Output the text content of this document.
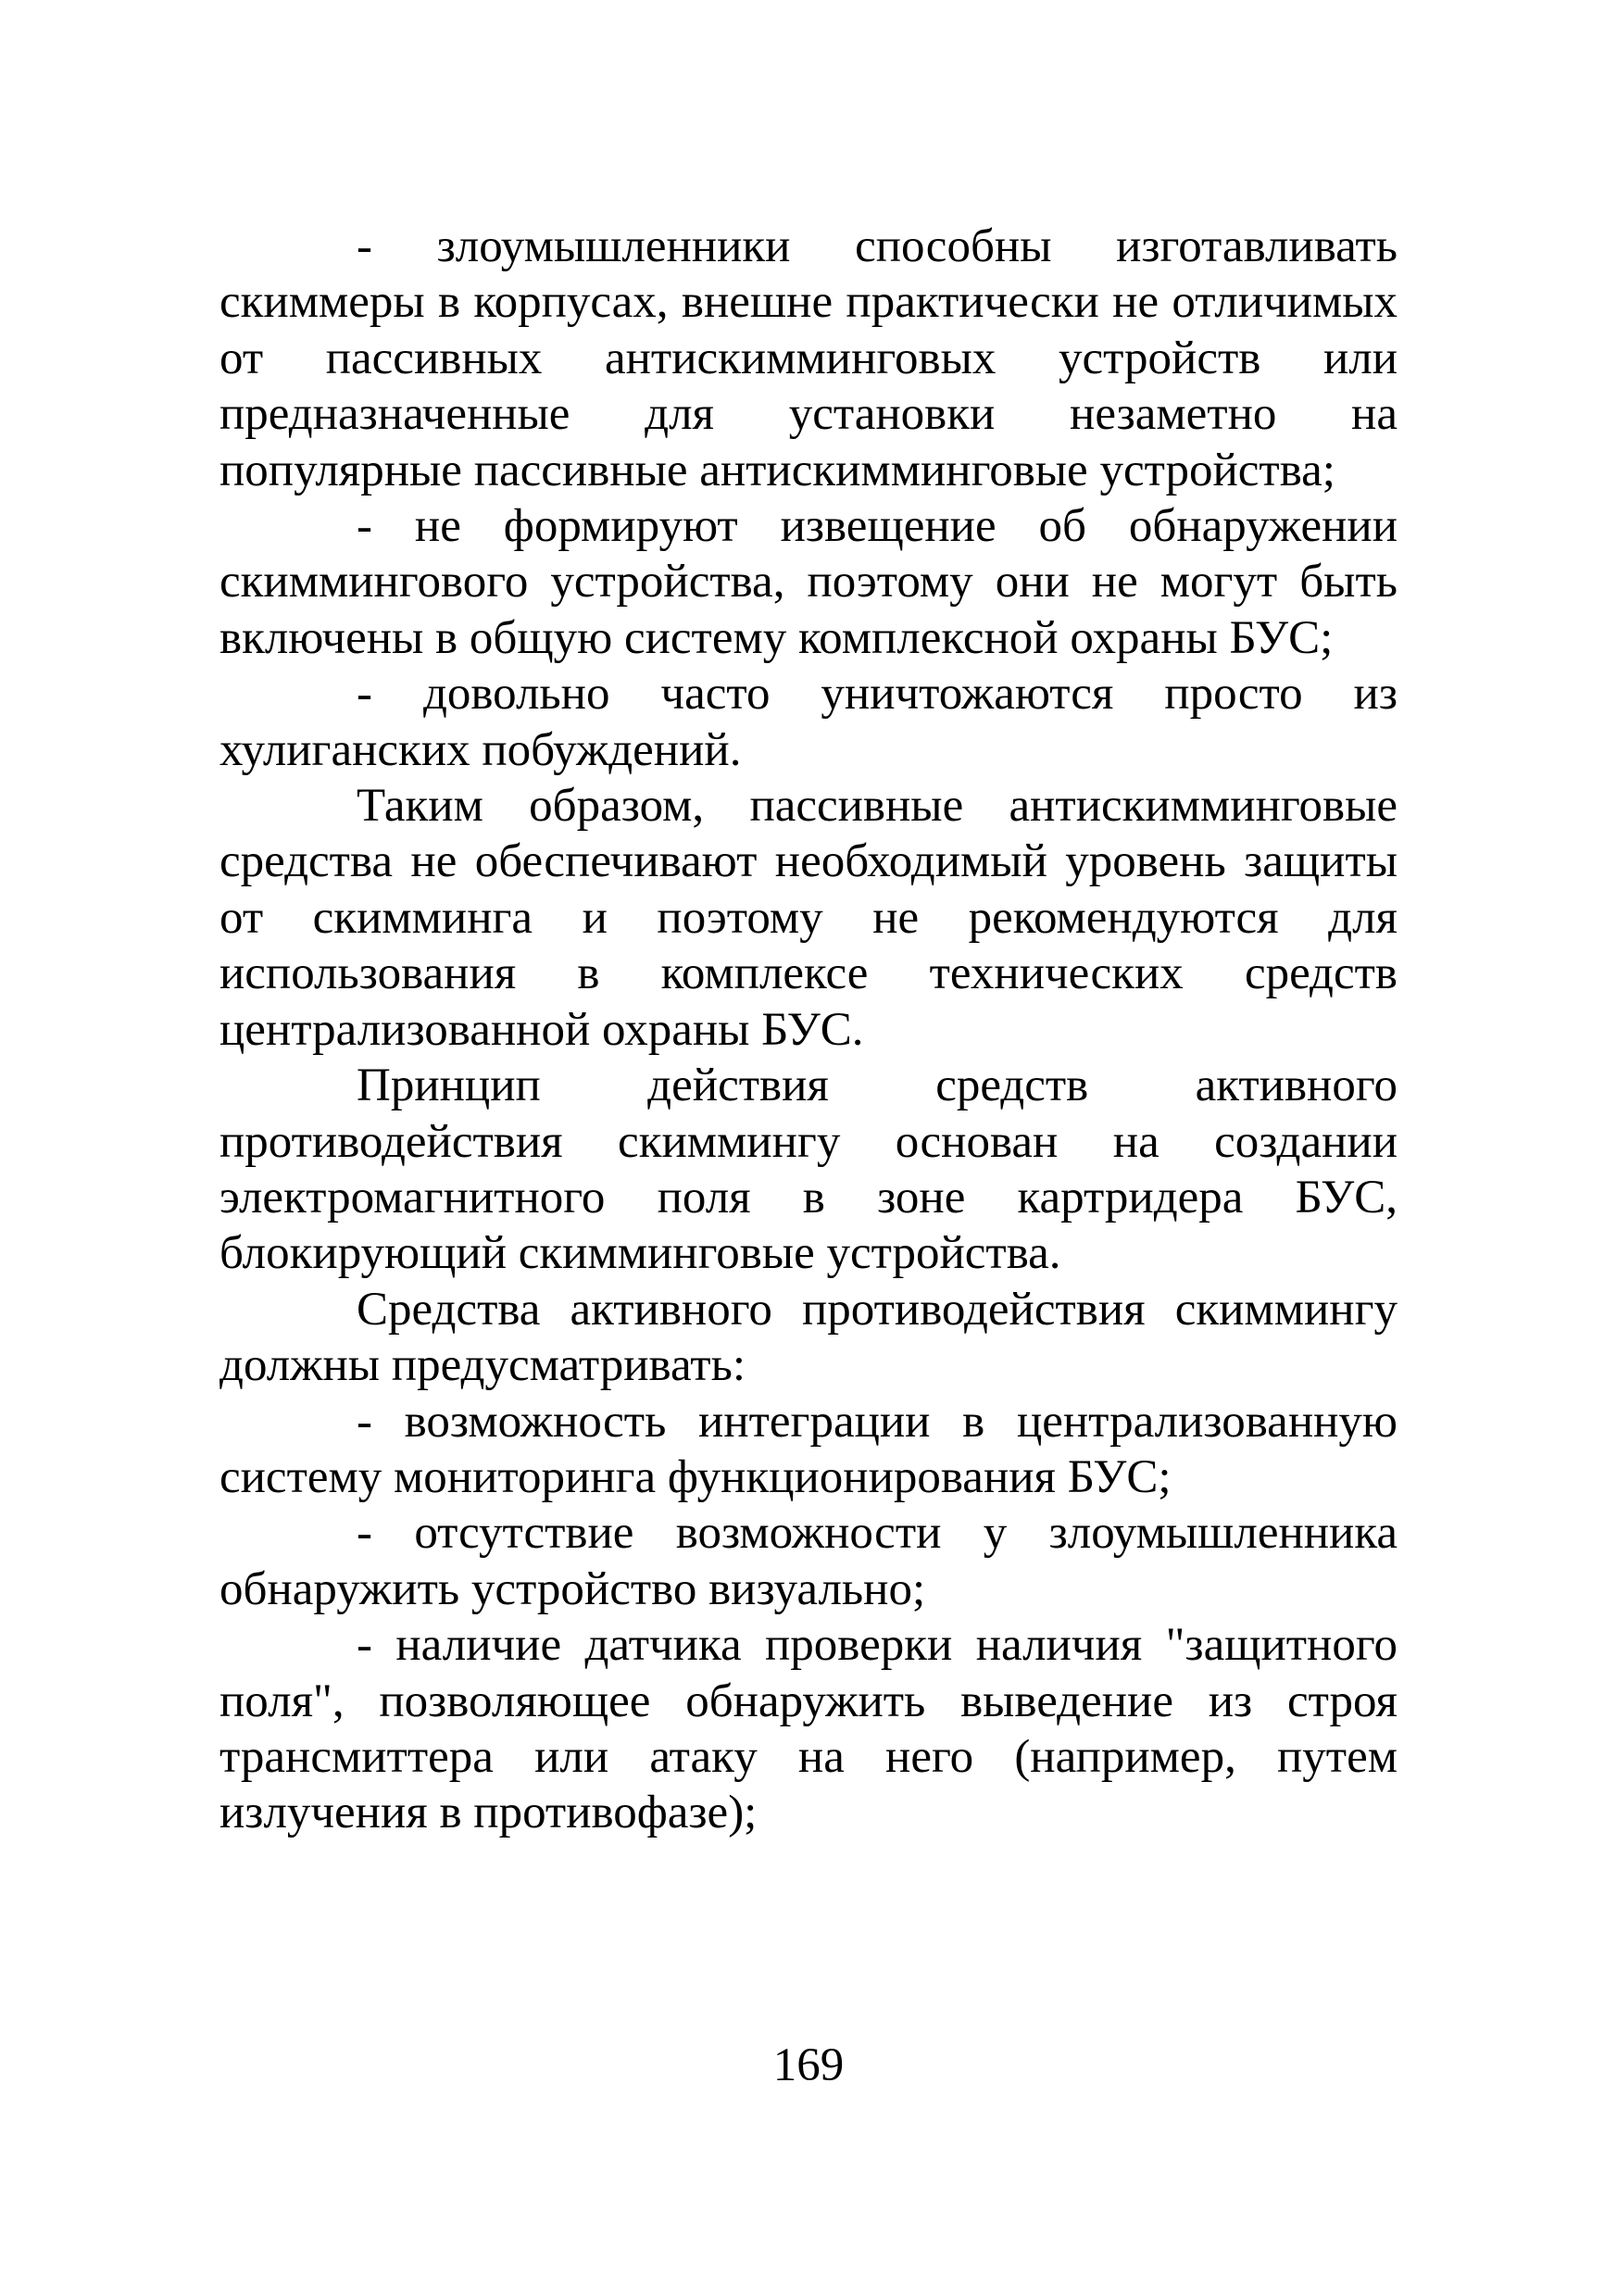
- злоумышленники способны изготавливать скиммеры в корпусах, внешне практически не отличимых от пассивных антискимминговых устройств или предназначенные для установки незаметно на популярные пассивные антискимминговые устройства;

- не формируют извещение об обнаружении скиммингового устройства, поэтому они не могут быть включены в общую систему комплексной охраны БУС;

- довольно часто уничтожаются просто из хулиганских побуждений.

Таким образом, пассивные антискимминговые средства не обеспечивают необходимый уровень защиты от скимминга и поэтому не рекомендуются для использования в комплексе технических средств централизованной охраны БУС.

Принцип действия средств активного противодействия скиммингу основан на создании электромагнитного поля в зоне картридера БУС, блокирующий скимминговые устройства.

Средства активного противодействия скиммингу должны предусматривать:

- возможность интеграции в централизованную систему мониторинга функционирования БУС;

- отсутствие возможности у злоумышленника обнаружить устройство визуально;

- наличие датчика проверки наличия "защитного поля", позволяющее обнаружить выведение из строя трансмиттера или атаку на него (например, путем излучения в противофазе);

169
